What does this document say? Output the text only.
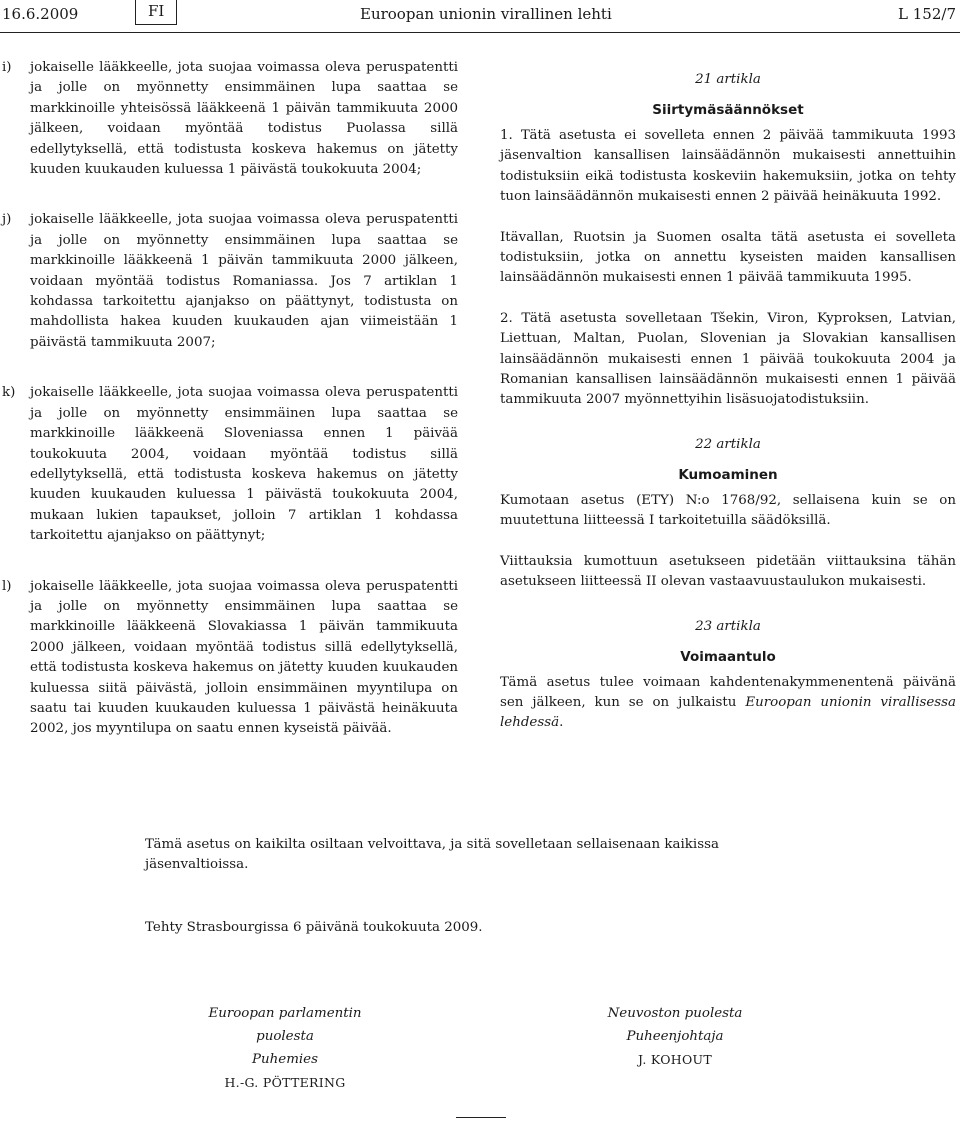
16.6.2009	FI	Euroopan unionin virallinen lehti	L 152/7
i)	jokaiselle lääkkeelle, jota suojaa voimassa oleva peruspatentti ja jolle on myönnetty ensimmäinen lupa saattaa se markkinoille yhteisössä lääkkeenä 1 päivän tammikuuta 2000 jälkeen, voidaan myöntää todistus Puolassa sillä edellytyksellä, että todistusta koskeva hakemus on jätetty kuuden kuukauden kuluessa 1 päivästä toukokuuta 2004;
j)	jokaiselle lääkkeelle, jota suojaa voimassa oleva peruspatentti ja jolle on myönnetty ensimmäinen lupa saattaa se markkinoille lääkkeenä 1 päivän tammikuuta 2000 jälkeen, voidaan myöntää todistus Romaniassa. Jos 7 artiklan 1 kohdassa tarkoitettu ajanjakso on päättynyt, todistusta on mahdollista hakea kuuden kuukauden ajan viimeistään 1 päivästä tammikuuta 2007;
k)	jokaiselle lääkkeelle, jota suojaa voimassa oleva peruspatentti ja jolle on myönnetty ensimmäinen lupa saattaa se markkinoille lääkkeenä Sloveniassa ennen 1 päivää toukokuuta 2004, voidaan myöntää todistus sillä edellytyksellä, että todistusta koskeva hakemus on jätetty kuuden kuukauden kuluessa 1 päivästä toukokuuta 2004, mukaan lukien tapaukset, jolloin 7 artiklan 1 kohdassa tarkoitettu ajanjakso on päättynyt;
l)	jokaiselle lääkkeelle, jota suojaa voimassa oleva peruspatentti ja jolle on myönnetty ensimmäinen lupa saattaa se markkinoille lääkkeenä Slovakiassa 1 päivän tammikuuta 2000 jälkeen, voidaan myöntää todistus sillä edellytyksellä, että todistusta koskeva hakemus on jätetty kuuden kuukauden kuluessa siitä päivästä, jolloin ensimmäinen myyntilupa on saatu tai kuuden kuukauden kuluessa 1 päivästä heinäkuuta 2002, jos myyntilupa on saatu ennen kyseistä päivää.
21 artikla
Siirtymäsäännökset

1. Tätä asetusta ei sovelleta ennen 2 päivää tammikuuta 1993 jäsenvaltion kansallisen lainsäädännön mukaisesti annettuihin todistuksiin eikä todistusta koskeviin hakemuksiin, jotka on tehty tuon lainsäädännön mukaisesti ennen 2 päivää heinäkuuta 1992.

Itävallan, Ruotsin ja Suomen osalta tätä asetusta ei sovelleta todistuksiin, jotka on annettu kyseisten maiden kansallisen lainsäädännön mukaisesti ennen 1 päivää tammikuuta 1995.

2. Tätä asetusta sovelletaan Tšekin, Viron, Kyproksen, Latvian, Liettuan, Maltan, Puolan, Slovenian ja Slovakian kansallisen lainsäädännön mukaisesti ennen 1 päivää toukokuuta 2004 ja Romanian kansallisen lainsäädännön mukaisesti ennen 1 päivää tammikuuta 2007 myönnettyihin lisäsuojatodistuksiin.

22 artikla
Kumoaminen

Kumotaan asetus (ETY) N:o 1768/92, sellaisena kuin se on muutettuna liitteessä I tarkoitetuilla säädöksillä.

Viittauksia kumottuun asetukseen pidetään viittauksina tähän asetukseen liitteessä II olevan vastaavuustaulukon mukaisesti.

23 artikla
Voimaantulo

Tämä asetus tulee voimaan kahdentenakymmenentenä päivänä sen jälkeen, kun se on julkaistu Euroopan unionin virallisessa lehdessä.

Tämä asetus on kaikilta osiltaan velvoittava, ja sitä sovelletaan sellaisenaan kaikissa jäsenvaltioissa.

Tehty Strasbourgissa 6 päivänä toukokuuta 2009.

Euroopan parlamentin puolesta
Puhemies
H.-G. PÖTTERING
Neuvoston puolesta
Puheenjohtaja
J. KOHOUT
